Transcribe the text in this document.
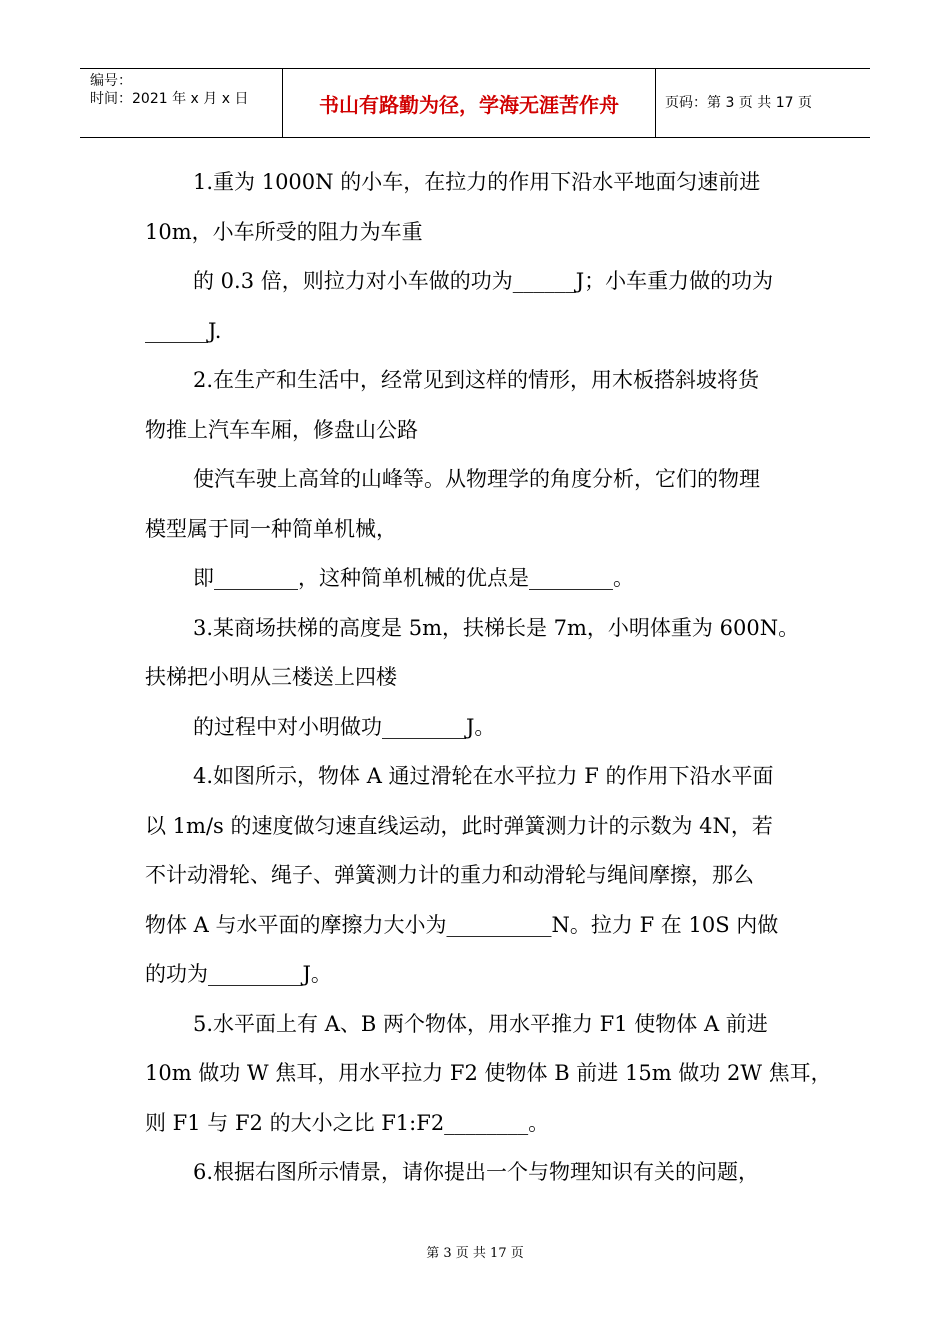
编号：
时间：2021 年 x 月 x 日	书山有路勤为径，学海无涯苦作舟	页码：第 3 页 共 17 页
1.重为 1000N 的小车，在拉力的作用下沿水平地面匀速前进
10m，小车所受的阻力为车重
的 0.3 倍，则拉力对小车做的功为______J；小车重力做的功为
______J.
2.在生产和生活中，经常见到这样的情形，用木板搭斜坡将货
物推上汽车车厢，修盘山公路
使汽车驶上高耸的山峰等。从物理学的角度分析，它们的物理
模型属于同一种简单机械，
即________，这种简单机械的优点是________。
3.某商场扶梯的高度是 5m，扶梯长是 7m，小明体重为 600N。
扶梯把小明从三楼送上四楼
的过程中对小明做功________J。
4.如图所示，物体 A 通过滑轮在水平拉力 F 的作用下沿水平面
以 1m/s 的速度做匀速直线运动，此时弹簧测力计的示数为 4N，若
不计动滑轮、绳子、弹簧测力计的重力和动滑轮与绳间摩擦，那么
物体 A 与水平面的摩擦力大小为__________N。拉力 F 在 10S 内做
的功为_________J。
5.水平面上有 A、B 两个物体，用水平推力 F1 使物体 A 前进
10m 做功 W 焦耳，用水平拉力 F2 使物体 B 前进 15m 做功 2W 焦耳，
则 F1 与 F2 的大小之比 F1:F2________。
6.根据右图所示情景，请你提出一个与物理知识有关的问题，
第 3 页 共 17 页
